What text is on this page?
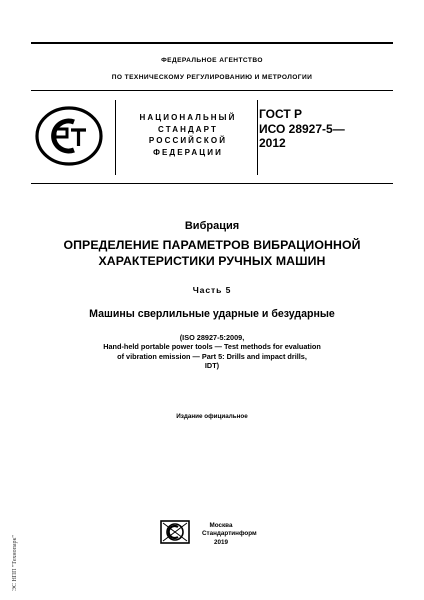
ФЕДЕРАЛЬНОЕ АГЕНТСТВО
ПО ТЕХНИЧЕСКОМУ РЕГУЛИРОВАНИЮ И МЕТРОЛОГИИ
НАЦИОНАЛЬНЫЙ
СТАНДАРТ
РОССИЙСКОЙ
ФЕДЕРАЦИИ
ГОСТ Р
ИСО 28927-5—
2012
Вибрация
ОПРЕДЕЛЕНИЕ ПАРАМЕТРОВ ВИБРАЦИОННОЙ
ХАРАКТЕРИСТИКИ РУЧНЫХ МАШИН
Часть 5
Машины сверлильные ударные и безударные
(ISO 28927-5:2009,
Hand-held portable power tools — Test methods for evaluation
of vibration emission — Part 5: Drills and impact drills,
IDT)
Издание официальное
Москва
Стандартинформ
2019
ЭС НПП "Технопарк"
